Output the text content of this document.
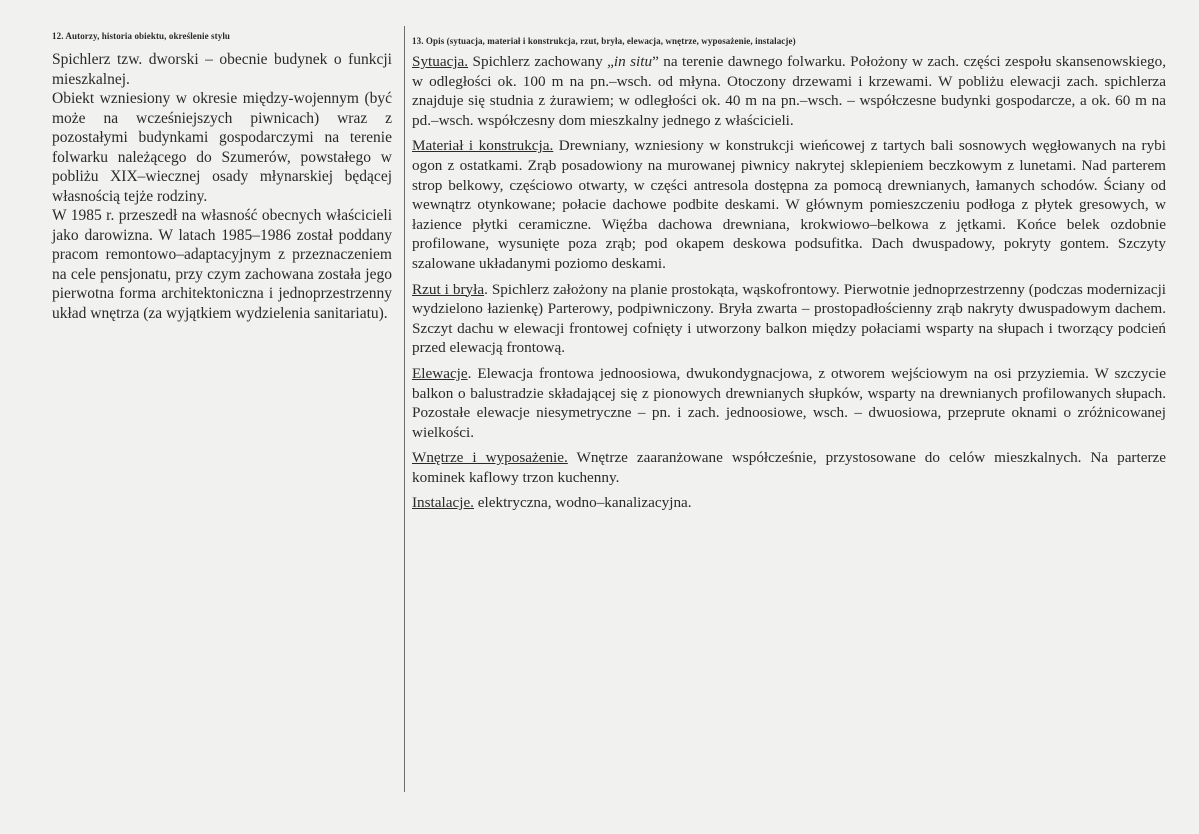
12. Autorzy, historia obiektu, określenie stylu

Spichlerz tzw. dworski – obecnie budynek o funkcji mieszkalnej.

Obiekt wzniesiony w okresie między-wojennym (być może na wcześniejszych piwnicach) wraz z pozostałymi budynkami gospodarczymi na terenie folwarku należącego do Szumerów, powstałego w pobliżu XIX–wiecznej osady młynarskiej będącej własnością tejże rodziny.

W 1985 r. przeszedł na własność obecnych właścicieli jako darowizna. W latach 1985–1986 został poddany pracom remontowo–adaptacyjnym z przeznaczeniem na cele pensjonatu, przy czym zachowana została jego pierwotna forma architektoniczna i jednoprzestrzenny układ wnętrza (za wyjątkiem wydzielenia sanitariatu).

13. Opis (sytuacja, materiał i konstrukcja, rzut, bryła, elewacja, wnętrze, wyposażenie, instalacje)

Sytuacja. Spichlerz zachowany „in situ” na terenie dawnego folwarku. Położony w zach. części zespołu skansenowskiego, w odległości ok. 100 m na pn.–wsch. od młyna. Otoczony drzewami i krzewami. W pobliżu elewacji zach. spichlerza znajduje się studnia z żurawiem; w odległości ok. 40 m na pn.–wsch. – współczesne budynki gospodarcze, a ok. 60 m na pd.–wsch. współczesny dom mieszkalny jednego z właścicieli.

Materiał i konstrukcja. Drewniany, wzniesiony w konstrukcji wieńcowej z tartych bali sosnowych węgłowanych na rybi ogon z ostatkami. Zrąb posadowiony na murowanej piwnicy nakrytej sklepieniem beczkowym z lunetami. Nad parterem strop belkowy, częściowo otwarty, w części antresola dostępna za pomocą drewnianych, łamanych schodów. Ściany od wewnątrz otynkowane; połacie dachowe podbite deskami. W głównym pomieszczeniu podłoga z płytek gresowych, w łazience płytki ceramiczne. Więźba dachowa drewniana, krokwiowo–belkowa z jętkami. Końce belek ozdobnie profilowane, wysunięte poza zrąb; pod okapem deskowa podsufitka. Dach dwuspadowy, pokryty gontem. Szczyty szalowane układanymi poziomo deskami.

Rzut i bryła. Spichlerz założony na planie prostokąta, wąskofrontowy. Pierwotnie jednoprzestrzenny (podczas modernizacji wydzielono łazienkę) Parterowy, podpiwniczony. Bryła zwarta – prostopadłościenny zrąb nakryty dwuspadowym dachem. Szczyt dachu w elewacji frontowej cofnięty i utworzony balkon między połaciami wsparty na słupach i tworzący podcień przed elewacją frontową.

Elewacje. Elewacja frontowa jednoosiowa, dwukondygnacjowa, z otworem wejściowym na osi przyziemia. W szczycie balkon o balustradzie składającej się z pionowych drewnianych słupków, wsparty na drewnianych profilowanych słupach. Pozostałe elewacje niesymetryczne – pn. i zach. jednoosiowe, wsch. – dwuosiowa, przeprute oknami o zróżnicowanej wielkości.

Wnętrze i wyposażenie. Wnętrze zaaranżowane współcześnie, przystosowane do celów mieszkalnych. Na parterze kominek kaflowy trzon kuchenny.

Instalacje. elektryczna, wodno–kanalizacyjna.
